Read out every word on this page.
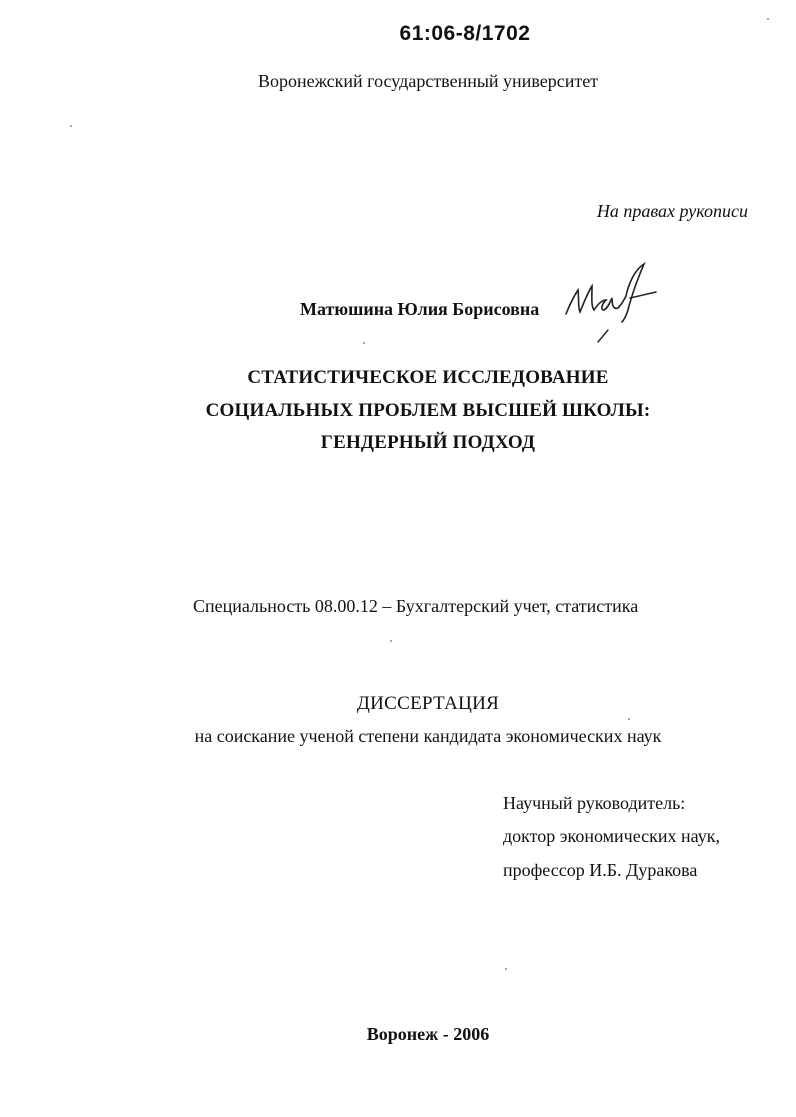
61:06-8/1702
Воронежский государственный университет
На правах рукописи
Матюшина Юлия Борисовна
СТАТИСТИЧЕСКОЕ ИССЛЕДОВАНИЕ
СОЦИАЛЬНЫХ ПРОБЛЕМ ВЫСШЕЙ ШКОЛЫ:
ГЕНДЕРНЫЙ ПОДХОД
Специальность 08.00.12 – Бухгалтерский учет, статистика
ДИССЕРТАЦИЯ
на соискание ученой степени кандидата экономических наук
Научный руководитель:
доктор экономических наук,
профессор И.Б. Дуракова
Воронеж - 2006
